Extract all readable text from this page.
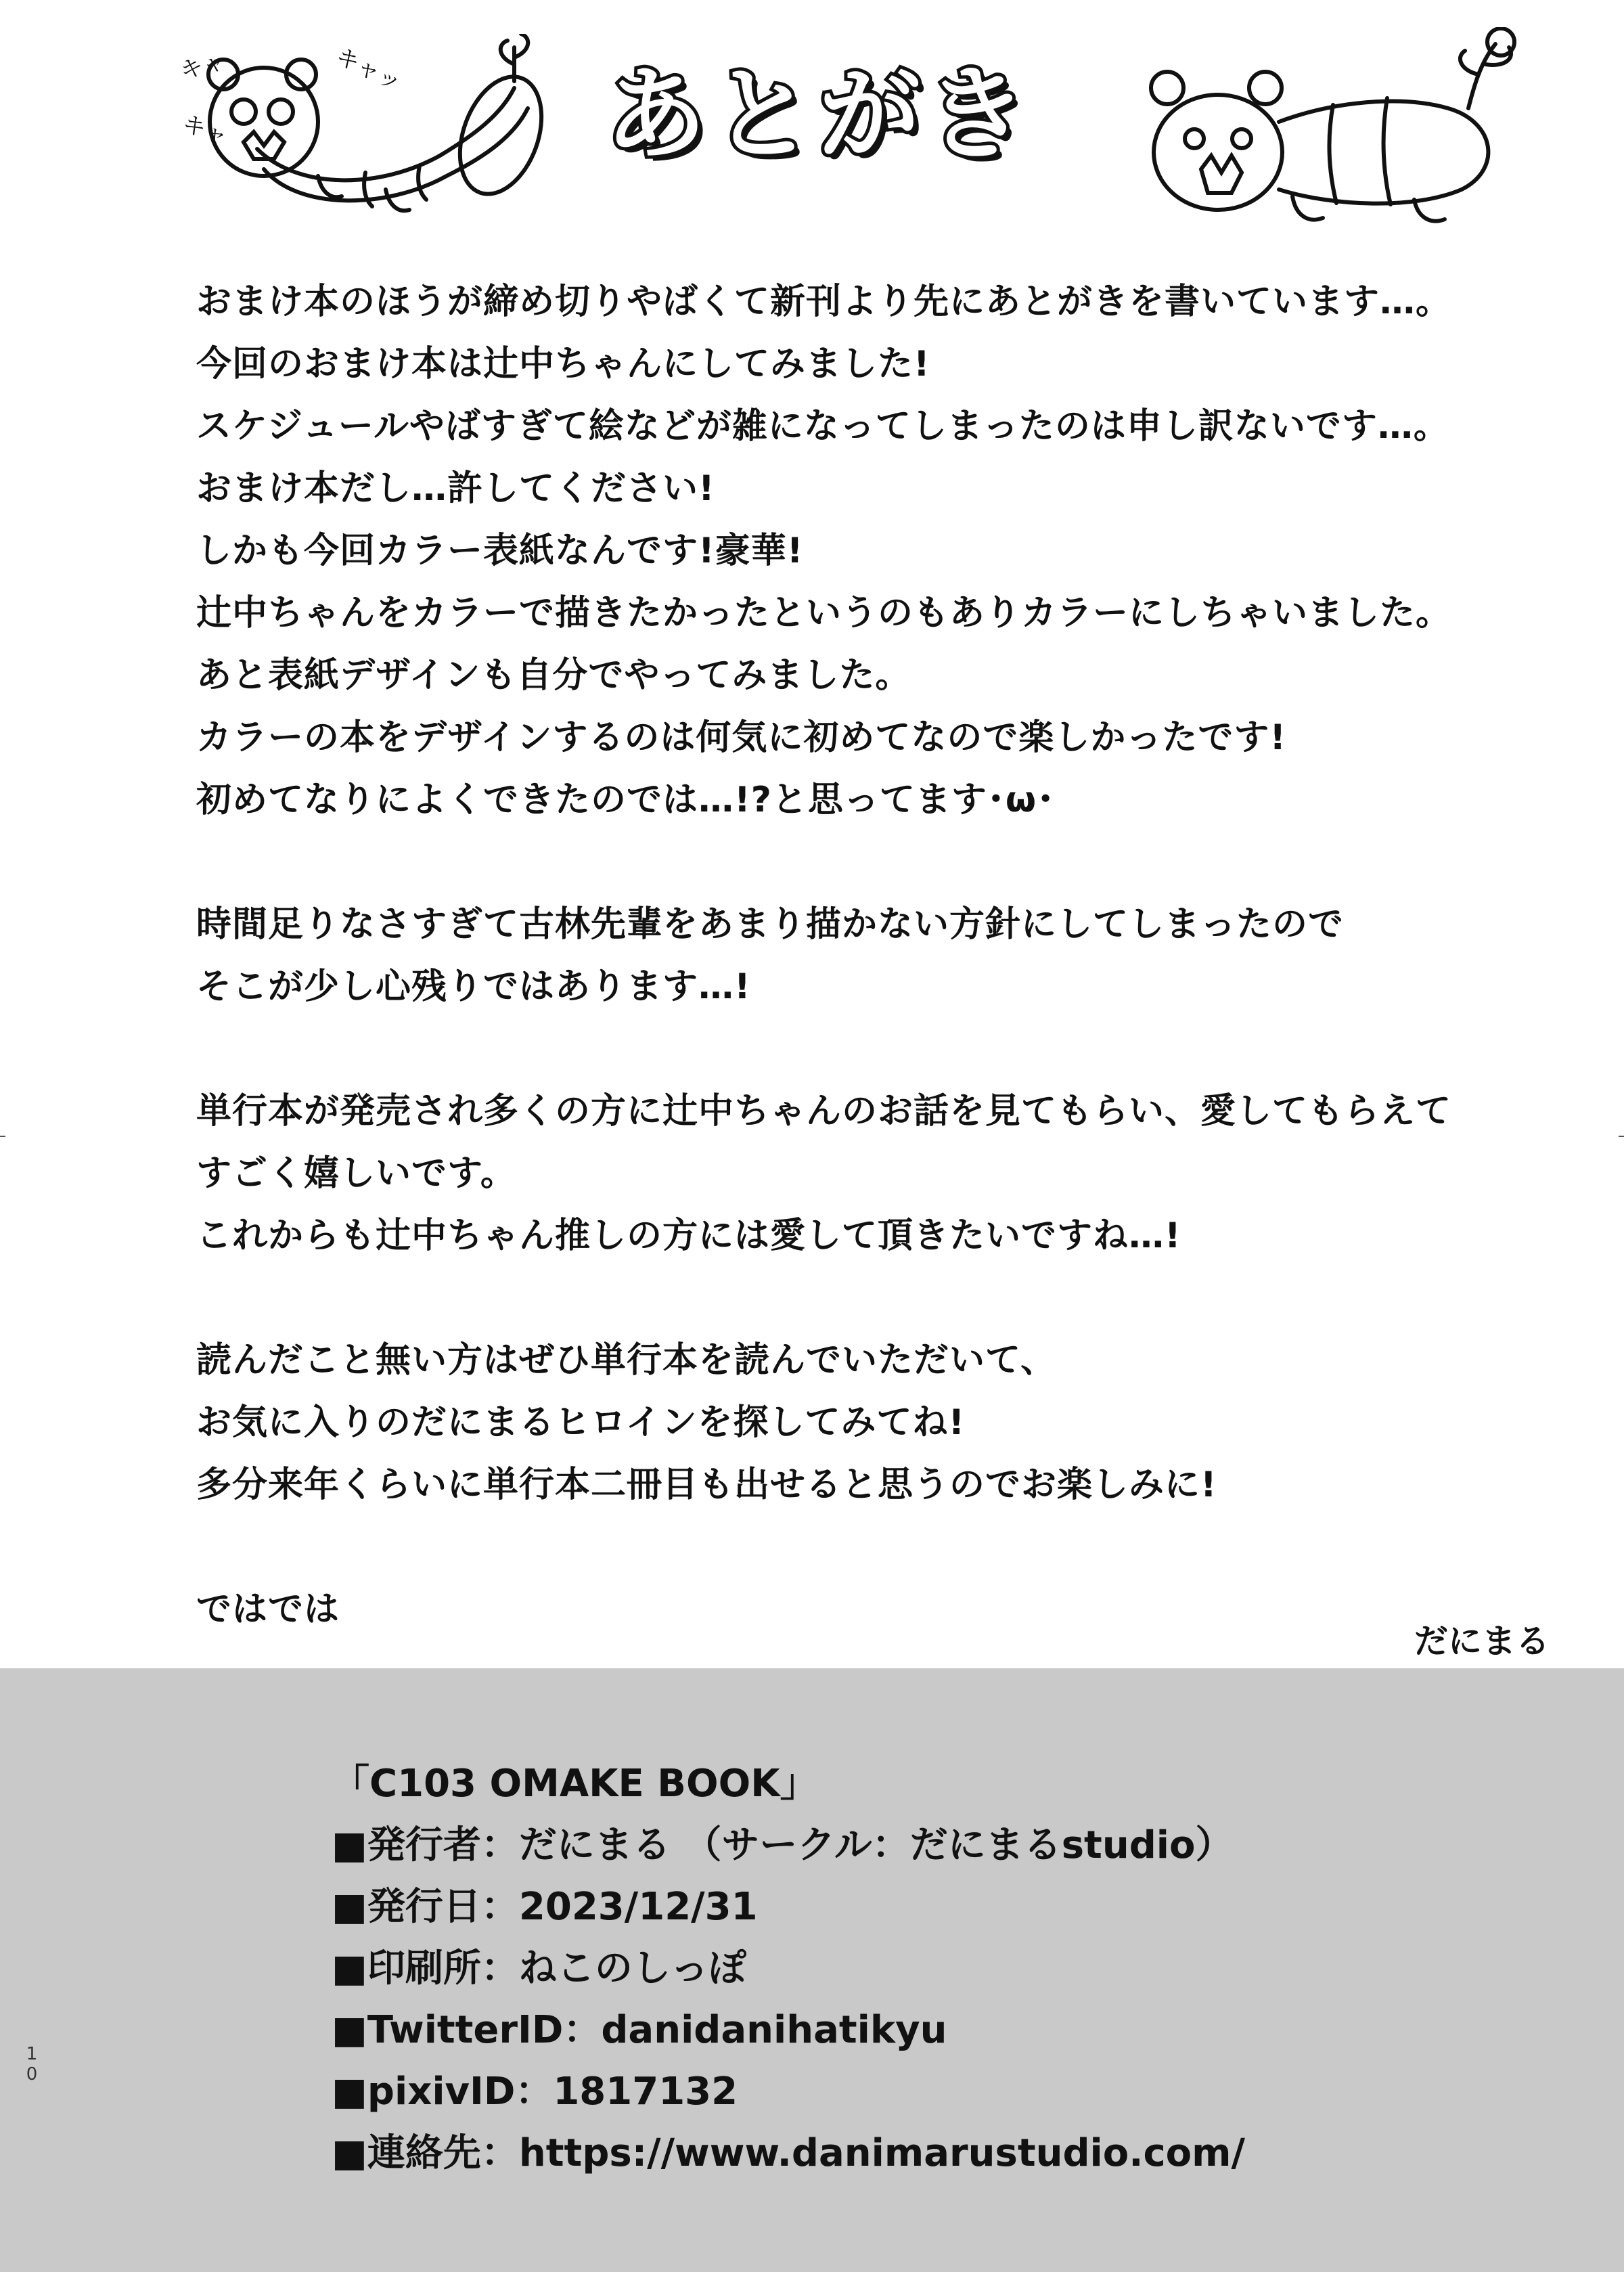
キャ
キャ
キャッ あとがき

おまけ本のほうが締め切りやばくて新刊より先にあとがきを書いています…。

今回のおまけ本は辻中ちゃんにしてみました!

スケジュールやばすぎて絵などが雑になってしまったのは申し訳ないです…。

おまけ本だし…許してください!

しかも今回カラー表紙なんです!豪華!

辻中ちゃんをカラーで描きたかったというのもありカラーにしちゃいました。

あと表紙デザインも自分でやってみました。

カラーの本をデザインするのは何気に初めてなので楽しかったです!

初めてなりによくできたのでは…!?と思ってます･ω･

時間足りなさすぎて古林先輩をあまり描かない方針にしてしまったので

そこが少し心残りではあります…!

単行本が発売され多くの方に辻中ちゃんのお話を見てもらい、愛してもらえて

すごく嬉しいです。

これからも辻中ちゃん推しの方には愛して頂きたいですね…!

読んだこと無い方はぜひ単行本を読んでいただいて、

お気に入りのだにまるヒロインを探してみてね!

多分来年くらいに単行本二冊目も出せると思うのでお楽しみに!

ではでは

だにまる
「C103 OMAKE BOOK」
■発行者：だにまる （サークル：だにまるstudio）
■発行日：2023/12/31
■印刷所：ねこのしっぽ
■TwitterID：danidanihatikyu
■pixivID：1817132
■連絡先：https://www.danimarustudio.com/
1
0
